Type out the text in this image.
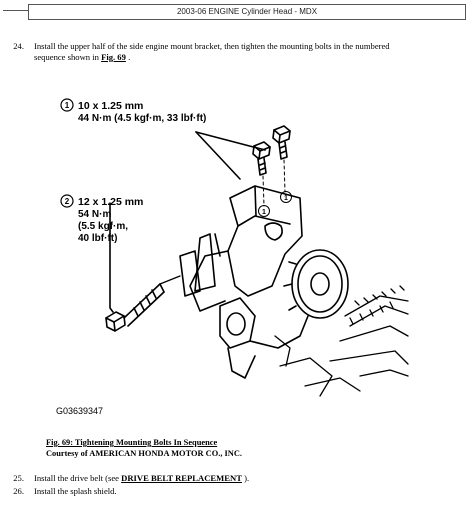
2003-06 ENGINE Cylinder Head - MDX
24. Install the upper half of the side engine mount bracket, then tighten the mounting bolts in the numbered
sequence shown in Fig. 69 .
1 10 x 1.25 mm
44 N·m (4.5 kgf·m, 33 lbf·ft)
2 12 x 1.25 mm
54 N·m
(5.5 kgf·m,
40 lbf·ft)
1
1
G03639347
Fig. 69: Tightening Mounting Bolts In Sequence
Courtesy of AMERICAN HONDA MOTOR CO., INC.
25. Install the drive belt (see DRIVE BELT REPLACEMENT ).
26. Install the splash shield.
